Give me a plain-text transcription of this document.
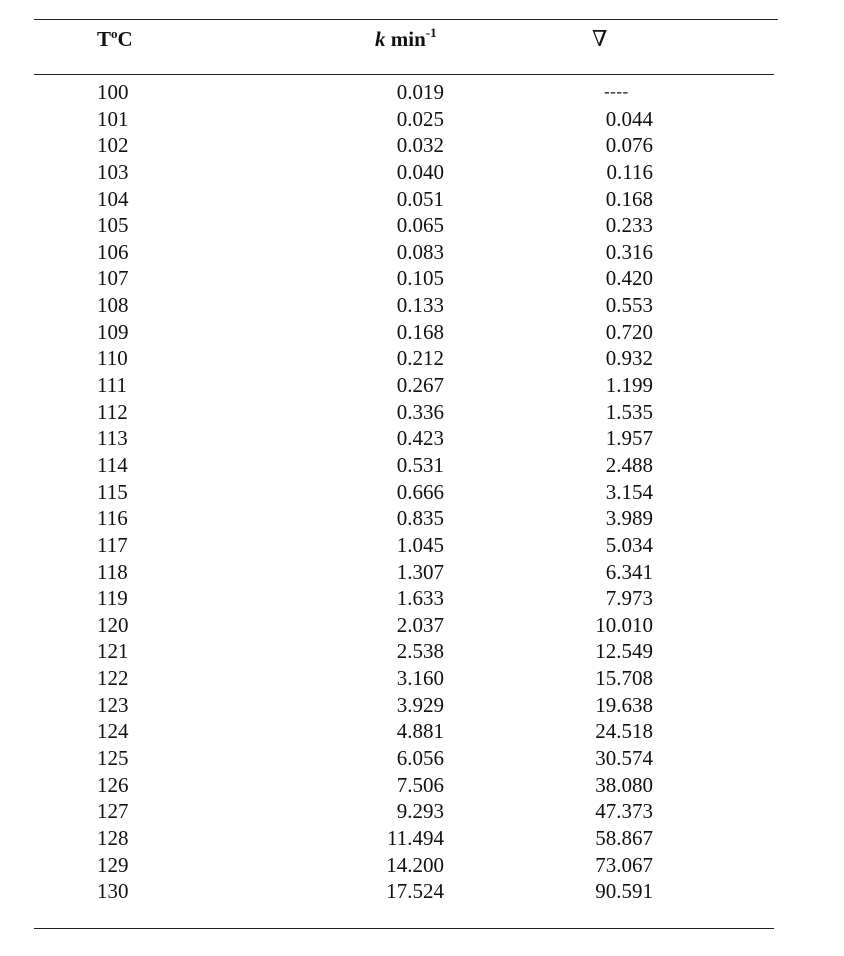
$T^oC$	k $\min^{-1}$	∇
100	0.019	----
101	0.025	0.044
102	0.032	0.076
103	0.040	0.116
104	0.051	0.168
105	0.065	0.233
106	0.083	0.316
107	0.105	0.420
108	0.133	0.553
109	0.168	0.720
110	0.212	0.932
111	0.267	1.199
112	0.336	1.535
113	0.423	1.957
114	0.531	2.488
115	0.666	3.154
116	0.835	3.989
117	1.045	5.034
118	1.307	6.341
119	1.633	7.973
120	2.037	10.010
121	2.538	12.549
122	3.160	15.708
123	3.929	19.638
124	4.881	24.518
125	6.056	30.574
126	7.506	38.080
127	9.293	47.373
128	11.494	58.867
129	14.200	73.067
130	17.524	90.591
